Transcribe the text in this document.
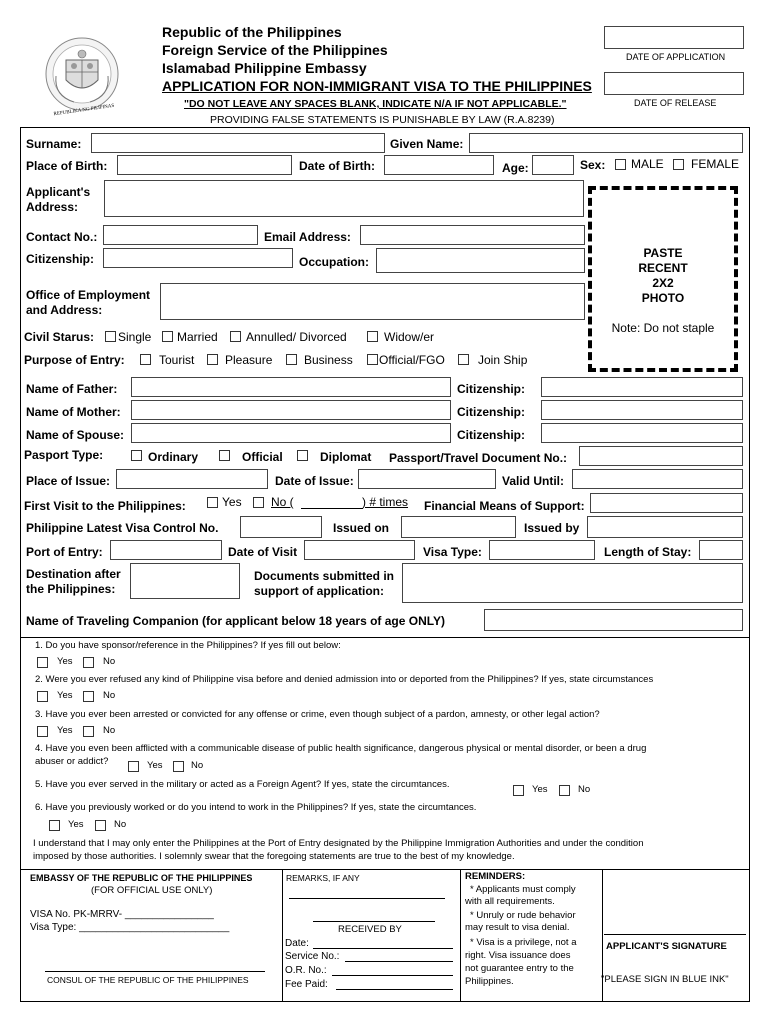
REPUBLIKA NG PILIPINAS
Republic of the Philippines
Foreign Service of the Philippines
Islamabad Philippine Embassy
APPLICATION FOR NON-IMMIGRANT VISA TO THE PHILIPPINES
"DO NOT LEAVE ANY SPACES BLANK, INDICATE N/A IF NOT APPLICABLE."
PROVIDING FALSE STATEMENTS IS PUNISHABLE BY LAW (R.A.8239)
DATE OF APPLICATION
DATE OF RELEASE
Surname:	Given Name:
Place of Birth:	Date of Birth:	Age:	Sex: MALE FEMALE
Applicant's
Address:
Contact No.:	Email Address:
Citizenship:	Occupation:
Office of Employment
and Address:
PASTE
RECENT
2X2
PHOTO
Note: Do not staple
Civil Starus: Single Married Annulled/ Divorced	Widow/er
Purpose of Entry:	Tourist	Pleasure	Business Official/FGO	Join Ship
Name of Father:	Citizenship:
Name of Mother:	Citizenship:
Name of Spouse:	Citizenship:
Pasport Type:	Ordinary	Official	Diplomat Passport/Travel Document No.:
Place of Issue:	Date of Issue:	Valid Until:
First Visit to the Philippines:	Yes No (	) # times Financial Means of Support:
Philippine Latest Visa Control No.	Issued on	Issued by
Port of Entry:	Date of Visit	Visa Type:	Length of Stay:
Destination after
the Philippines:
Documents submitted in
support of application:
Name of Traveling Companion (for applicant below 18 years of age ONLY)
1. Do you have sponsor/reference in the Philippines? If yes fill out below:
Yes	No
2. Were you ever refused any kind of Philippine visa before and denied admission into or deported from the Philippines? If yes, state circumstances
Yes	No
3. Have you ever been arrested or convicted for any offense or crime, even though subject of a pardon, amnesty, or other legal action?
Yes	No
4. Have you even been afflicted with a communicable disease of public health significance, dangerous physical or mental disorder, or been a drug
abuser or addict?	Yes	No
5. Have you ever served in the military or acted as a Foreign Agent? If yes, state the circumtances.	Yes	No
6. Have you previously worked or do you intend to work in the Philippines? If yes, state the circumtances.
Yes	No
I understand that I may only enter the Philippines at the Port of Entry designated by the Philippine Immigration Authorities and under the condition
imposed by those authorities. I solemnly swear that the foregoing statements are true to the best of my knowledge.
EMBASSY OF THE REPUBLIC OF THE PHILIPPINES
(FOR OFFICIAL USE ONLY)
VISA No. PK-MRRV- ________________
Visa Type: ___________________________
CONSUL OF THE REPUBLIC OF THE PHILIPPINES
REMARKS, IF ANY
RECEIVED BY
Date:
Service No.:
O.R. No.:
Fee Paid:
REMINDERS:
* Applicants must comply
with all requirements.
* Unruly or rude behavior
may result to visa denial.
* Visa is a privilege, not a
right. Visa issuance does
not guarantee entry to the
Philippines.
APPLICANT'S SIGNATURE
"PLEASE SIGN IN BLUE INK"
